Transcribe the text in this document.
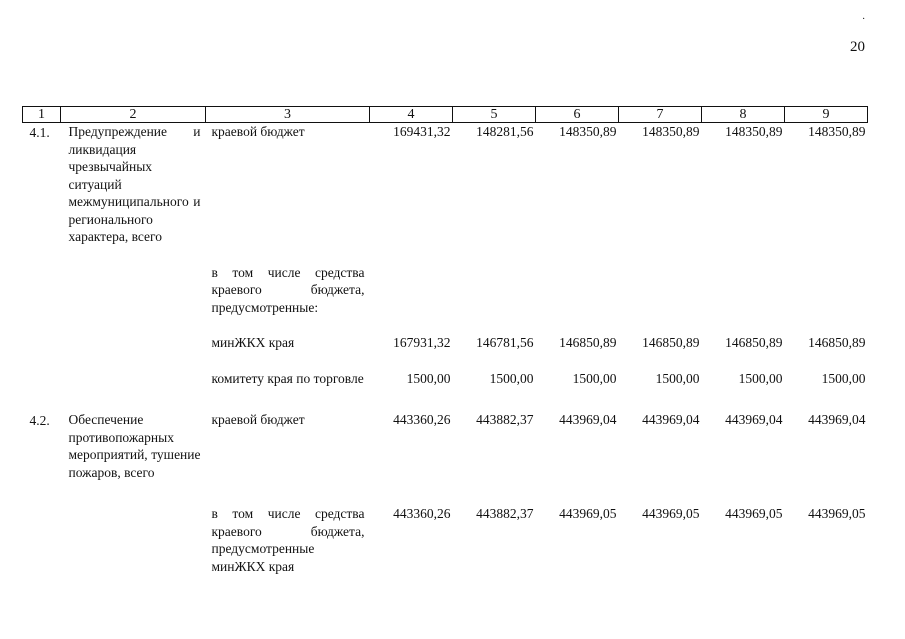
·
20
1	2	3	4	5	6	7	8	9
4.1.	Предупреждение и ликвидация чрезвычайных ситуаций межмуниципального и регионального характера, всего	краевой бюджет	169431,32	148281,56	148350,89	148350,89	148350,89	148350,89

		в том числе средства краевого бюджета, предусмотренные:						

		минЖКХ края	167931,32	146781,56	146850,89	146850,89	146850,89	146850,89

		комитету края по торговле	1500,00	1500,00	1500,00	1500,00	1500,00	1500,00

4.2.	Обеспечение противопожарных мероприятий, тушение пожаров, всего	краевой бюджет	443360,26	443882,37	443969,04	443969,04	443969,04	443969,04

		в том числе средства краевого бюджета, предусмотренные минЖКХ края	443360,26	443882,37	443969,05	443969,05	443969,05	443969,05
